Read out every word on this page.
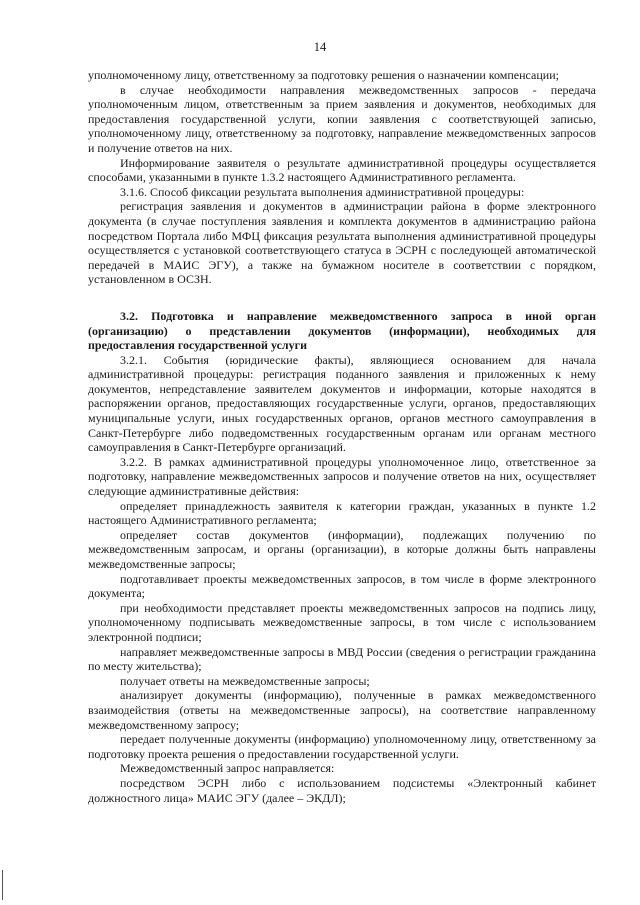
14

уполномоченному лицу, ответственному за подготовку решения о назначении компенсации;

в случае необходимости направления межведомственных запросов - передача уполномоченным лицом, ответственным за прием заявления и документов, необходимых для предоставления государственной услуги, копии заявления с соответствующей записью, уполномоченному лицу, ответственному за подготовку, направление межведомственных запросов и получение ответов на них.

Информирование заявителя о результате административной процедуры осуществляется способами, указанными в пункте 1.3.2 настоящего Административного регламента.

3.1.6. Способ фиксации результата выполнения административной процедуры:

регистрация заявления и документов в администрации района в форме электронного документа (в случае поступления заявления и комплекта документов в администрацию района посредством Портала либо МФЦ фиксация результата выполнения административной процедуры осуществляется с установкой соответствующего статуса в ЭСРН с последующей автоматической передачей в МАИС ЭГУ), а также на бумажном носителе в соответствии с порядком, установленном в ОСЗН.

3.2. Подготовка и направление межведомственного запроса в иной орган (организацию) о представлении документов (информации), необходимых для предоставления государственной услуги

3.2.1. События (юридические факты), являющиеся основанием для начала административной процедуры: регистрация поданного заявления и приложенных к нему документов, непредставление заявителем документов и информации, которые находятся в распоряжении органов, предоставляющих государственные услуги, органов, предоставляющих муниципальные услуги, иных государственных органов, органов местного самоуправления в Санкт-Петербурге либо подведомственных государственным органам или органам местного самоуправления в Санкт-Петербурге организаций.

3.2.2. В рамках административной процедуры уполномоченное лицо, ответственное за подготовку, направление межведомственных запросов и получение ответов на них, осуществляет следующие административные действия:

определяет принадлежность заявителя к категории граждан, указанных в пункте 1.2 настоящего Административного регламента;

определяет состав документов (информации), подлежащих получению по межведомственным запросам, и органы (организации), в которые должны быть направлены межведомственные запросы;

подготавливает проекты межведомственных запросов, в том числе в форме электронного документа;

при необходимости представляет проекты межведомственных запросов на подпись лицу, уполномоченному подписывать межведомственные запросы, в том числе с использованием электронной подписи;

направляет межведомственные запросы в МВД России (сведения о регистрации гражданина по месту жительства);

получает ответы на межведомственные запросы;

анализирует документы (информацию), полученные в рамках межведомственного взаимодействия (ответы на межведомственные запросы), на соответствие направленному межведомственному запросу;

передает полученные документы (информацию) уполномоченному лицу, ответственному за подготовку проекта решения о предоставлении государственной услуги.

Межведомственный запрос направляется:

посредством ЭСРН либо с использованием подсистемы «Электронный кабинет должностного лица» МАИС ЭГУ (далее – ЭКДЛ);
